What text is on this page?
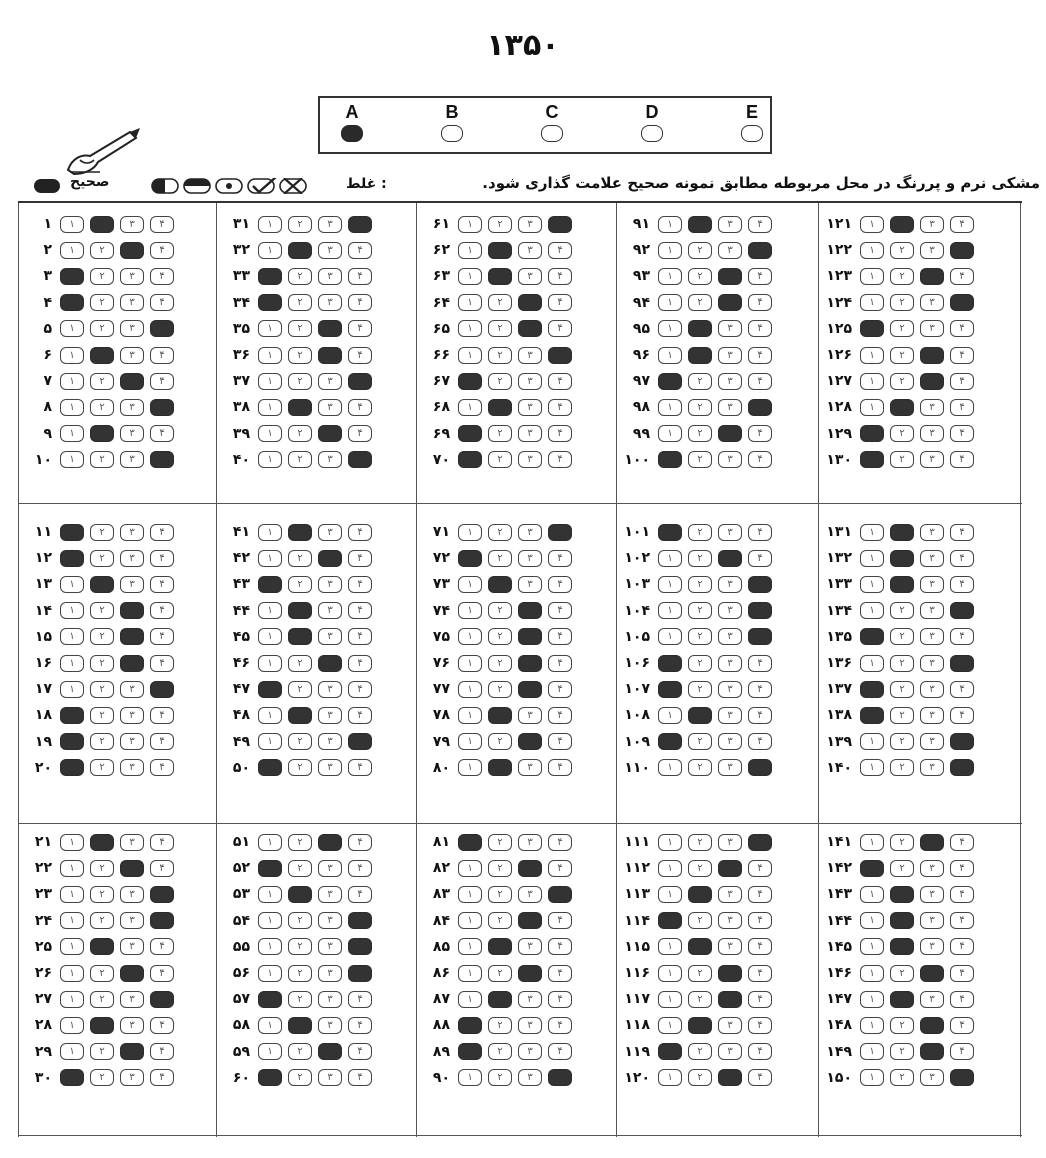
۱۳۵۰
A	B	C	D	E
مشکی نرم و پررنگ در محل مربوطه مطابق نمونه صحیح علامت گذاری شود.
غلط :
صحیح
۱	۱	۳	۴
۲	۱	۲	۴
۳	۲	۳	۴
۴	۲	۳	۴
۵	۱	۲	۳
۶	۱	۳	۴
۷	۱	۲	۴
۸	۱	۲	۳
۹	۱	۳	۴
۱۰	۱	۲	۳
۱۱	۲	۳	۴
۱۲	۲	۳	۴
۱۳	۱	۳	۴
۱۴	۱	۲	۴
۱۵	۱	۲	۴
۱۶	۱	۲	۴
۱۷	۱	۲	۳
۱۸	۲	۳	۴
۱۹	۲	۳	۴
۲۰	۲	۳	۴
۲۱	۱	۳	۴
۲۲	۱	۲	۴
۲۳	۱	۲	۳
۲۴	۱	۲	۳
۲۵	۱	۳	۴
۲۶	۱	۲	۴
۲۷	۱	۲	۳
۲۸	۱	۳	۴
۲۹	۱	۲	۴
۳۰	۲	۳	۴
۳۱	۱	۲	۳
۳۲	۱	۳	۴
۳۳	۲	۳	۴
۳۴	۲	۳	۴
۳۵	۱	۲	۴
۳۶	۱	۲	۴
۳۷	۱	۲	۳
۳۸	۱	۳	۴
۳۹	۱	۲	۴
۴۰	۱	۲	۳
۴۱	۱	۳	۴
۴۲	۱	۲	۴
۴۳	۲	۳	۴
۴۴	۱	۳	۴
۴۵	۱	۳	۴
۴۶	۱	۲	۴
۴۷	۲	۳	۴
۴۸	۱	۳	۴
۴۹	۱	۲	۳
۵۰	۲	۳	۴
۵۱	۱	۲	۴
۵۲	۲	۳	۴
۵۳	۱	۳	۴
۵۴	۱	۲	۳
۵۵	۱	۲	۳
۵۶	۱	۲	۳
۵۷	۲	۳	۴
۵۸	۱	۳	۴
۵۹	۱	۲	۴
۶۰	۲	۳	۴
۶۱	۱	۲	۳
۶۲	۱	۳	۴
۶۳	۱	۳	۴
۶۴	۱	۲	۴
۶۵	۱	۲	۴
۶۶	۱	۲	۳
۶۷	۲	۳	۴
۶۸	۱	۳	۴
۶۹	۲	۳	۴
۷۰	۲	۳	۴
۷۱	۱	۲	۳
۷۲	۲	۳	۴
۷۳	۱	۳	۴
۷۴	۱	۲	۴
۷۵	۱	۲	۴
۷۶	۱	۲	۴
۷۷	۱	۲	۴
۷۸	۱	۳	۴
۷۹	۱	۲	۴
۸۰	۱	۳	۴
۸۱	۲	۳	۴
۸۲	۱	۲	۴
۸۳	۱	۲	۳
۸۴	۱	۲	۴
۸۵	۱	۳	۴
۸۶	۱	۲	۴
۸۷	۱	۳	۴
۸۸	۲	۳	۴
۸۹	۲	۳	۴
۹۰	۱	۲	۳
۹۱	۱	۳	۴
۹۲	۱	۲	۳
۹۳	۱	۲	۴
۹۴	۱	۲	۴
۹۵	۱	۳	۴
۹۶	۱	۳	۴
۹۷	۲	۳	۴
۹۸	۱	۲	۳
۹۹	۱	۲	۴
۱۰۰	۲	۳	۴
۱۰۱	۲	۳	۴
۱۰۲	۱	۲	۴
۱۰۳	۱	۲	۳
۱۰۴	۱	۲	۳
۱۰۵	۱	۲	۳
۱۰۶	۲	۳	۴
۱۰۷	۲	۳	۴
۱۰۸	۱	۳	۴
۱۰۹	۲	۳	۴
۱۱۰	۱	۲	۳
۱۱۱	۱	۲	۳
۱۱۲	۱	۲	۴
۱۱۳	۱	۳	۴
۱۱۴	۲	۳	۴
۱۱۵	۱	۳	۴
۱۱۶	۱	۲	۴
۱۱۷	۱	۲	۴
۱۱۸	۱	۳	۴
۱۱۹	۲	۳	۴
۱۲۰	۱	۲	۴
۱۲۱	۱	۳	۴
۱۲۲	۱	۲	۳
۱۲۳	۱	۲	۴
۱۲۴	۱	۲	۳
۱۲۵	۲	۳	۴
۱۲۶	۱	۲	۴
۱۲۷	۱	۲	۴
۱۲۸	۱	۳	۴
۱۲۹	۲	۳	۴
۱۳۰	۲	۳	۴
۱۳۱	۱	۳	۴
۱۳۲	۱	۳	۴
۱۳۳	۱	۳	۴
۱۳۴	۱	۲	۳
۱۳۵	۲	۳	۴
۱۳۶	۱	۲	۳
۱۳۷	۲	۳	۴
۱۳۸	۲	۳	۴
۱۳۹	۱	۲	۳
۱۴۰	۱	۲	۳
۱۴۱	۱	۲	۴
۱۴۲	۲	۳	۴
۱۴۳	۱	۳	۴
۱۴۴	۱	۳	۴
۱۴۵	۱	۳	۴
۱۴۶	۱	۲	۴
۱۴۷	۱	۳	۴
۱۴۸	۱	۲	۴
۱۴۹	۱	۲	۴
۱۵۰	۱	۲	۳
